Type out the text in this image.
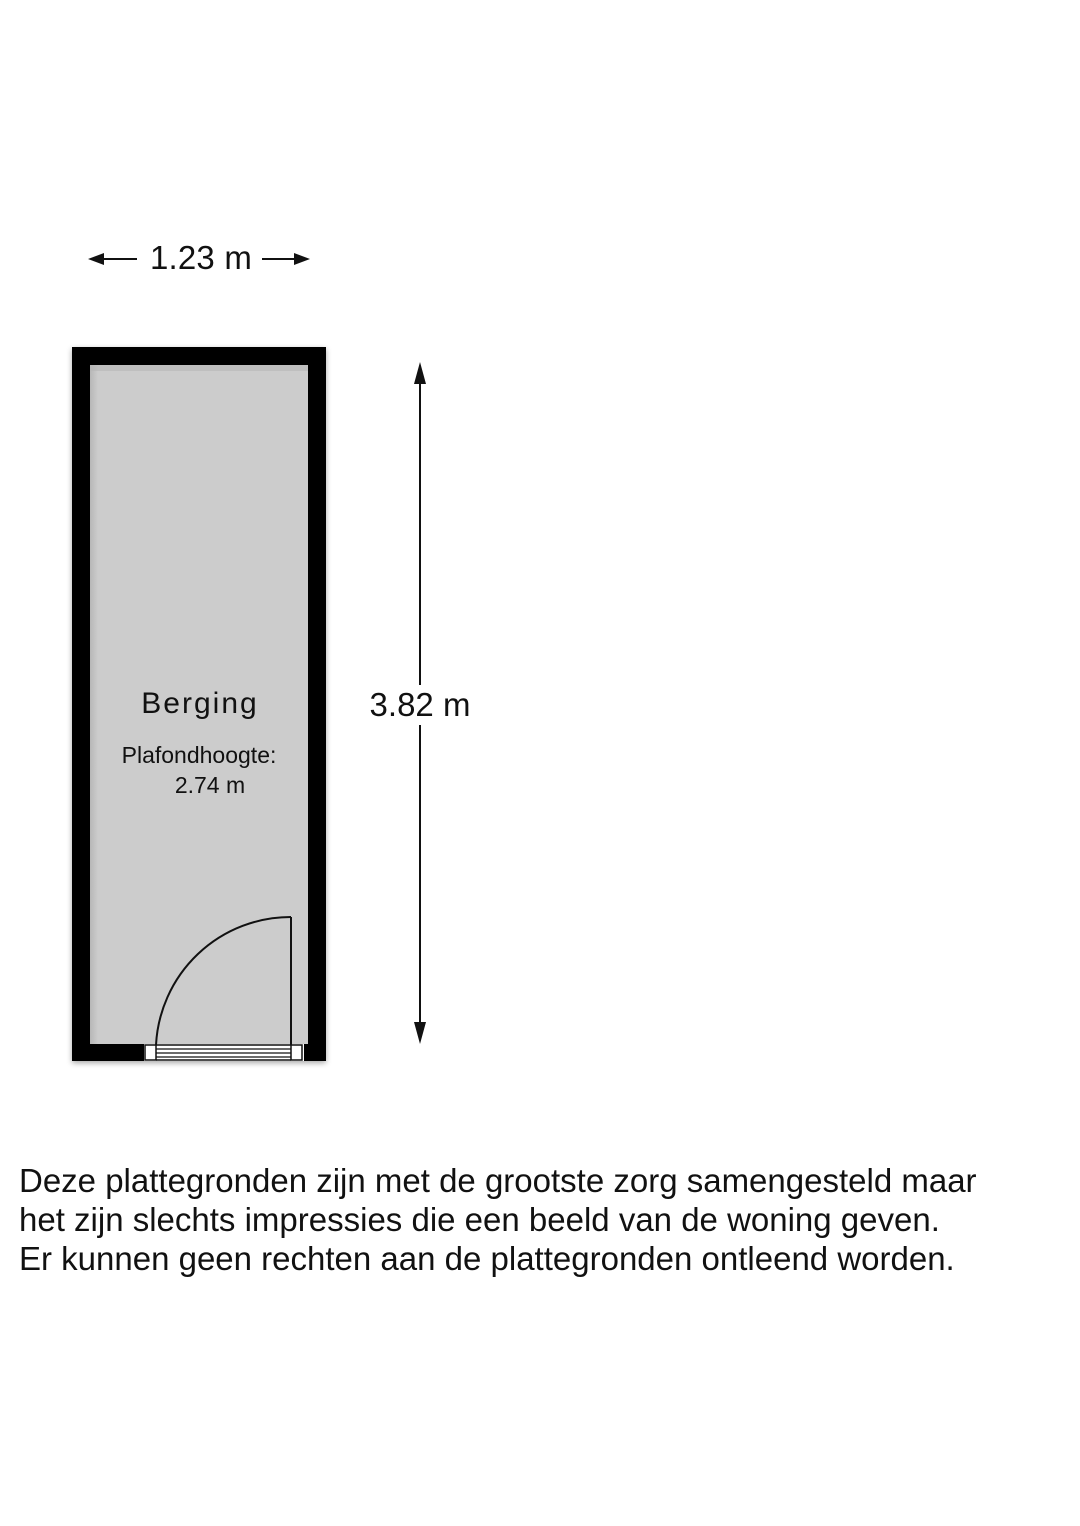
1.23 m
3.82 m
Berging
Plafondhoogte:
2.74 m
Deze plattegronden zijn met de grootste zorg samengesteld maar
het zijn slechts impressies die een beeld van de woning geven.
Er kunnen geen rechten aan de plattegronden ontleend worden.
